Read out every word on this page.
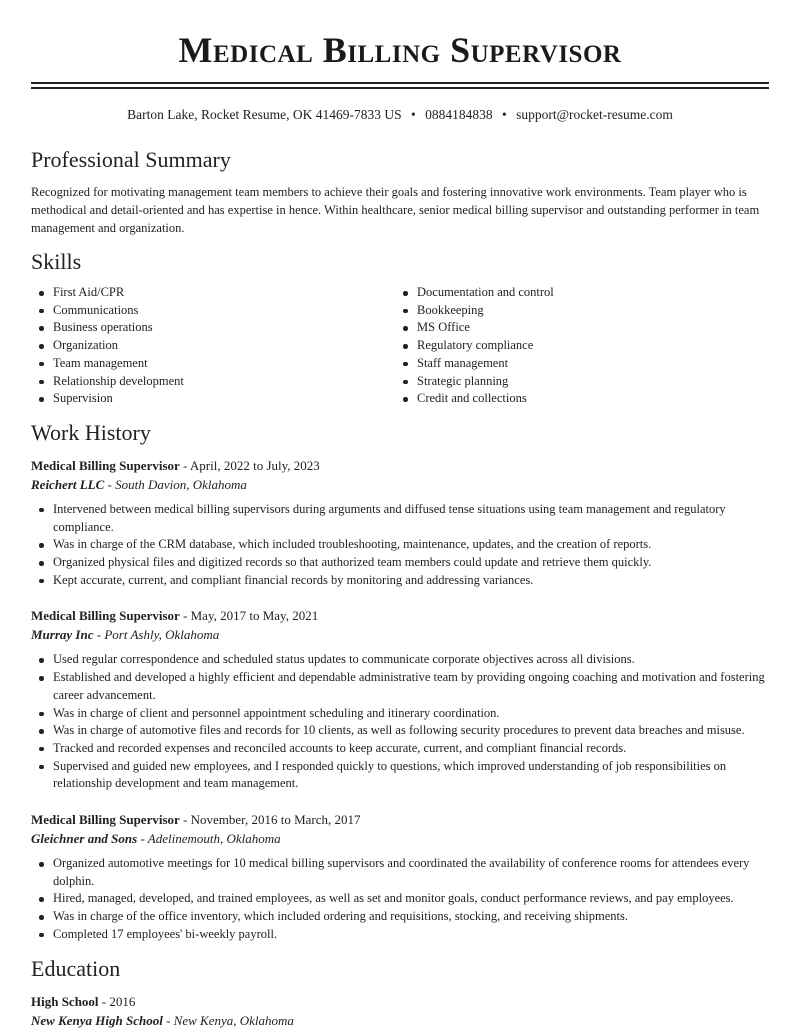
Medical Billing Supervisor
Barton Lake, Rocket Resume, OK 41469-7833 US • 0884184838 • support@rocket-resume.com
Professional Summary

Recognized for motivating management team members to achieve their goals and fostering innovative work environments. Team player who is methodical and detail-oriented and has expertise in hence. Within healthcare, senior medical billing supervisor and outstanding performer in team management and organization.

Skills
First Aid/CPR
Communications
Business operations
Organization
Team management
Relationship development
Supervision
Documentation and control
Bookkeeping
MS Office
Regulatory compliance
Staff management
Strategic planning
Credit and collections
Work History
Medical Billing Supervisor - April, 2022 to July, 2023
Reichert LLC - South Davion, Oklahoma
Intervened between medical billing supervisors during arguments and diffused tense situations using team management and regulatory compliance.
Was in charge of the CRM database, which included troubleshooting, maintenance, updates, and the creation of reports.
Organized physical files and digitized records so that authorized team members could update and retrieve them quickly.
Kept accurate, current, and compliant financial records by monitoring and addressing variances.
Medical Billing Supervisor - May, 2017 to May, 2021
Murray Inc - Port Ashly, Oklahoma
Used regular correspondence and scheduled status updates to communicate corporate objectives across all divisions.
Established and developed a highly efficient and dependable administrative team by providing ongoing coaching and motivation and fostering career advancement.
Was in charge of client and personnel appointment scheduling and itinerary coordination.
Was in charge of automotive files and records for 10 clients, as well as following security procedures to prevent data breaches and misuse.
Tracked and recorded expenses and reconciled accounts to keep accurate, current, and compliant financial records.
Supervised and guided new employees, and I responded quickly to questions, which improved understanding of job responsibilities on relationship development and team management.
Medical Billing Supervisor - November, 2016 to March, 2017
Gleichner and Sons - Adelinemouth, Oklahoma
Organized automotive meetings for 10 medical billing supervisors and coordinated the availability of conference rooms for attendees every dolphin.
Hired, managed, developed, and trained employees, as well as set and monitor goals, conduct performance reviews, and pay employees.
Was in charge of the office inventory, which included ordering and requisitions, stocking, and receiving shipments.
Completed 17 employees' bi-weekly payroll.
Education
High School - 2016
New Kenya High School - New Kenya, Oklahoma
